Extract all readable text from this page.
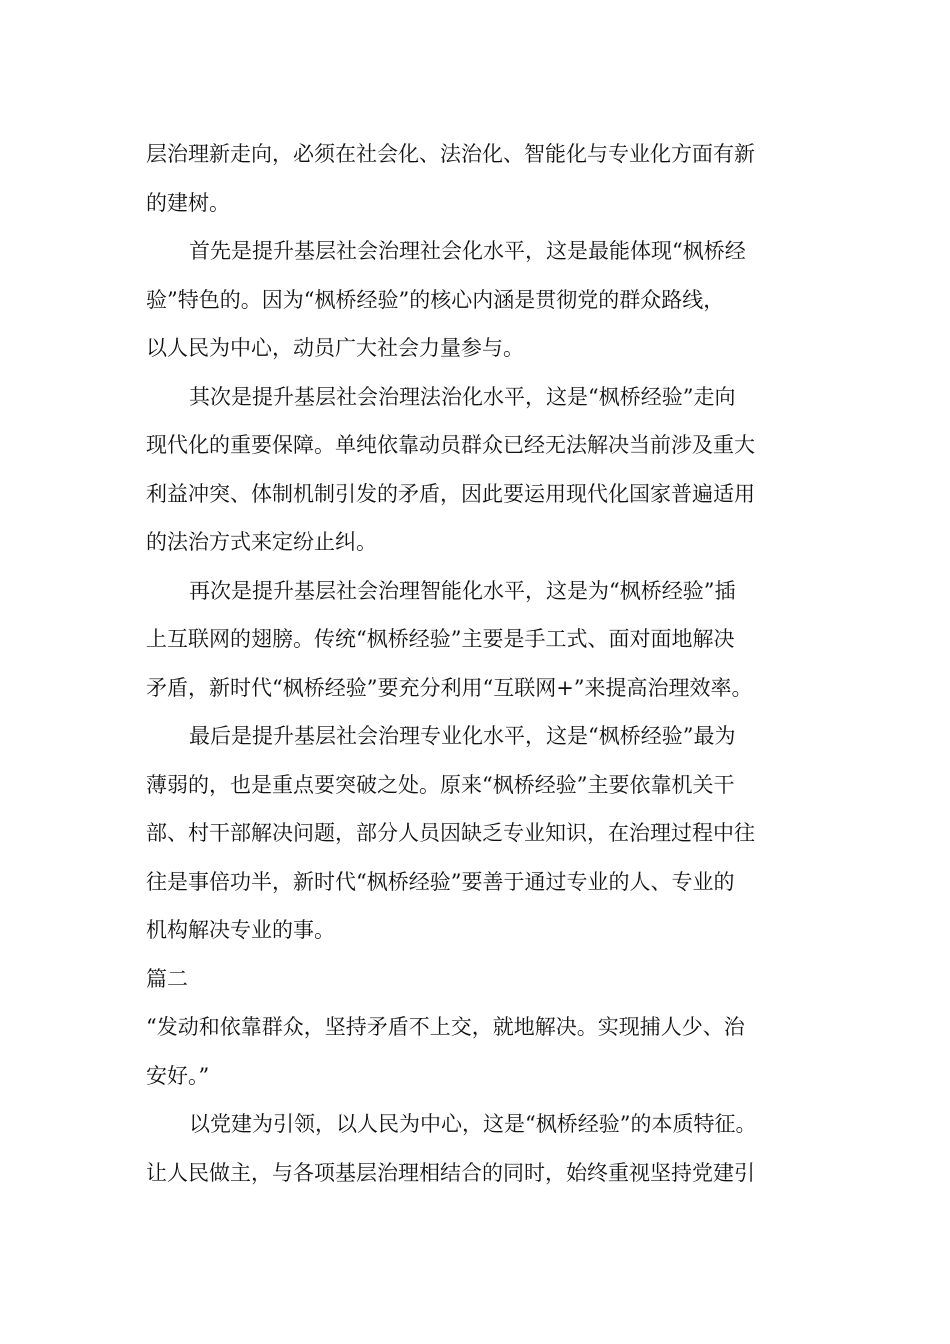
层治理新走向，必须在社会化、法治化、智能化与专业化方面有新
的建树。
首先是提升基层社会治理社会化水平，这是最能体现“枫桥经
验”特色的。因为“枫桥经验”的核心内涵是贯彻党的群众路线，
以人民为中心，动员广大社会力量参与。
其次是提升基层社会治理法治化水平，这是“枫桥经验”走向
现代化的重要保障。单纯依靠动员群众已经无法解决当前涉及重大
利益冲突、体制机制引发的矛盾，因此要运用现代化国家普遍适用
的法治方式来定纷止纠。
再次是提升基层社会治理智能化水平，这是为“枫桥经验”插
上互联网的翅膀。传统“枫桥经验”主要是手工式、面对面地解决
矛盾，新时代“枫桥经验”要充分利用“互联网+”来提高治理效率。
最后是提升基层社会治理专业化水平，这是“枫桥经验”最为
薄弱的，也是重点要突破之处。原来“枫桥经验”主要依靠机关干
部、村干部解决问题，部分人员因缺乏专业知识，在治理过程中往
往是事倍功半，新时代“枫桥经验”要善于通过专业的人、专业的
机构解决专业的事。
篇二
“发动和依靠群众，坚持矛盾不上交，就地解决。实现捕人少、治
安好。”
以党建为引领，以人民为中心，这是“枫桥经验”的本质特征。
让人民做主，与各项基层治理相结合的同时，始终重视坚持党建引
